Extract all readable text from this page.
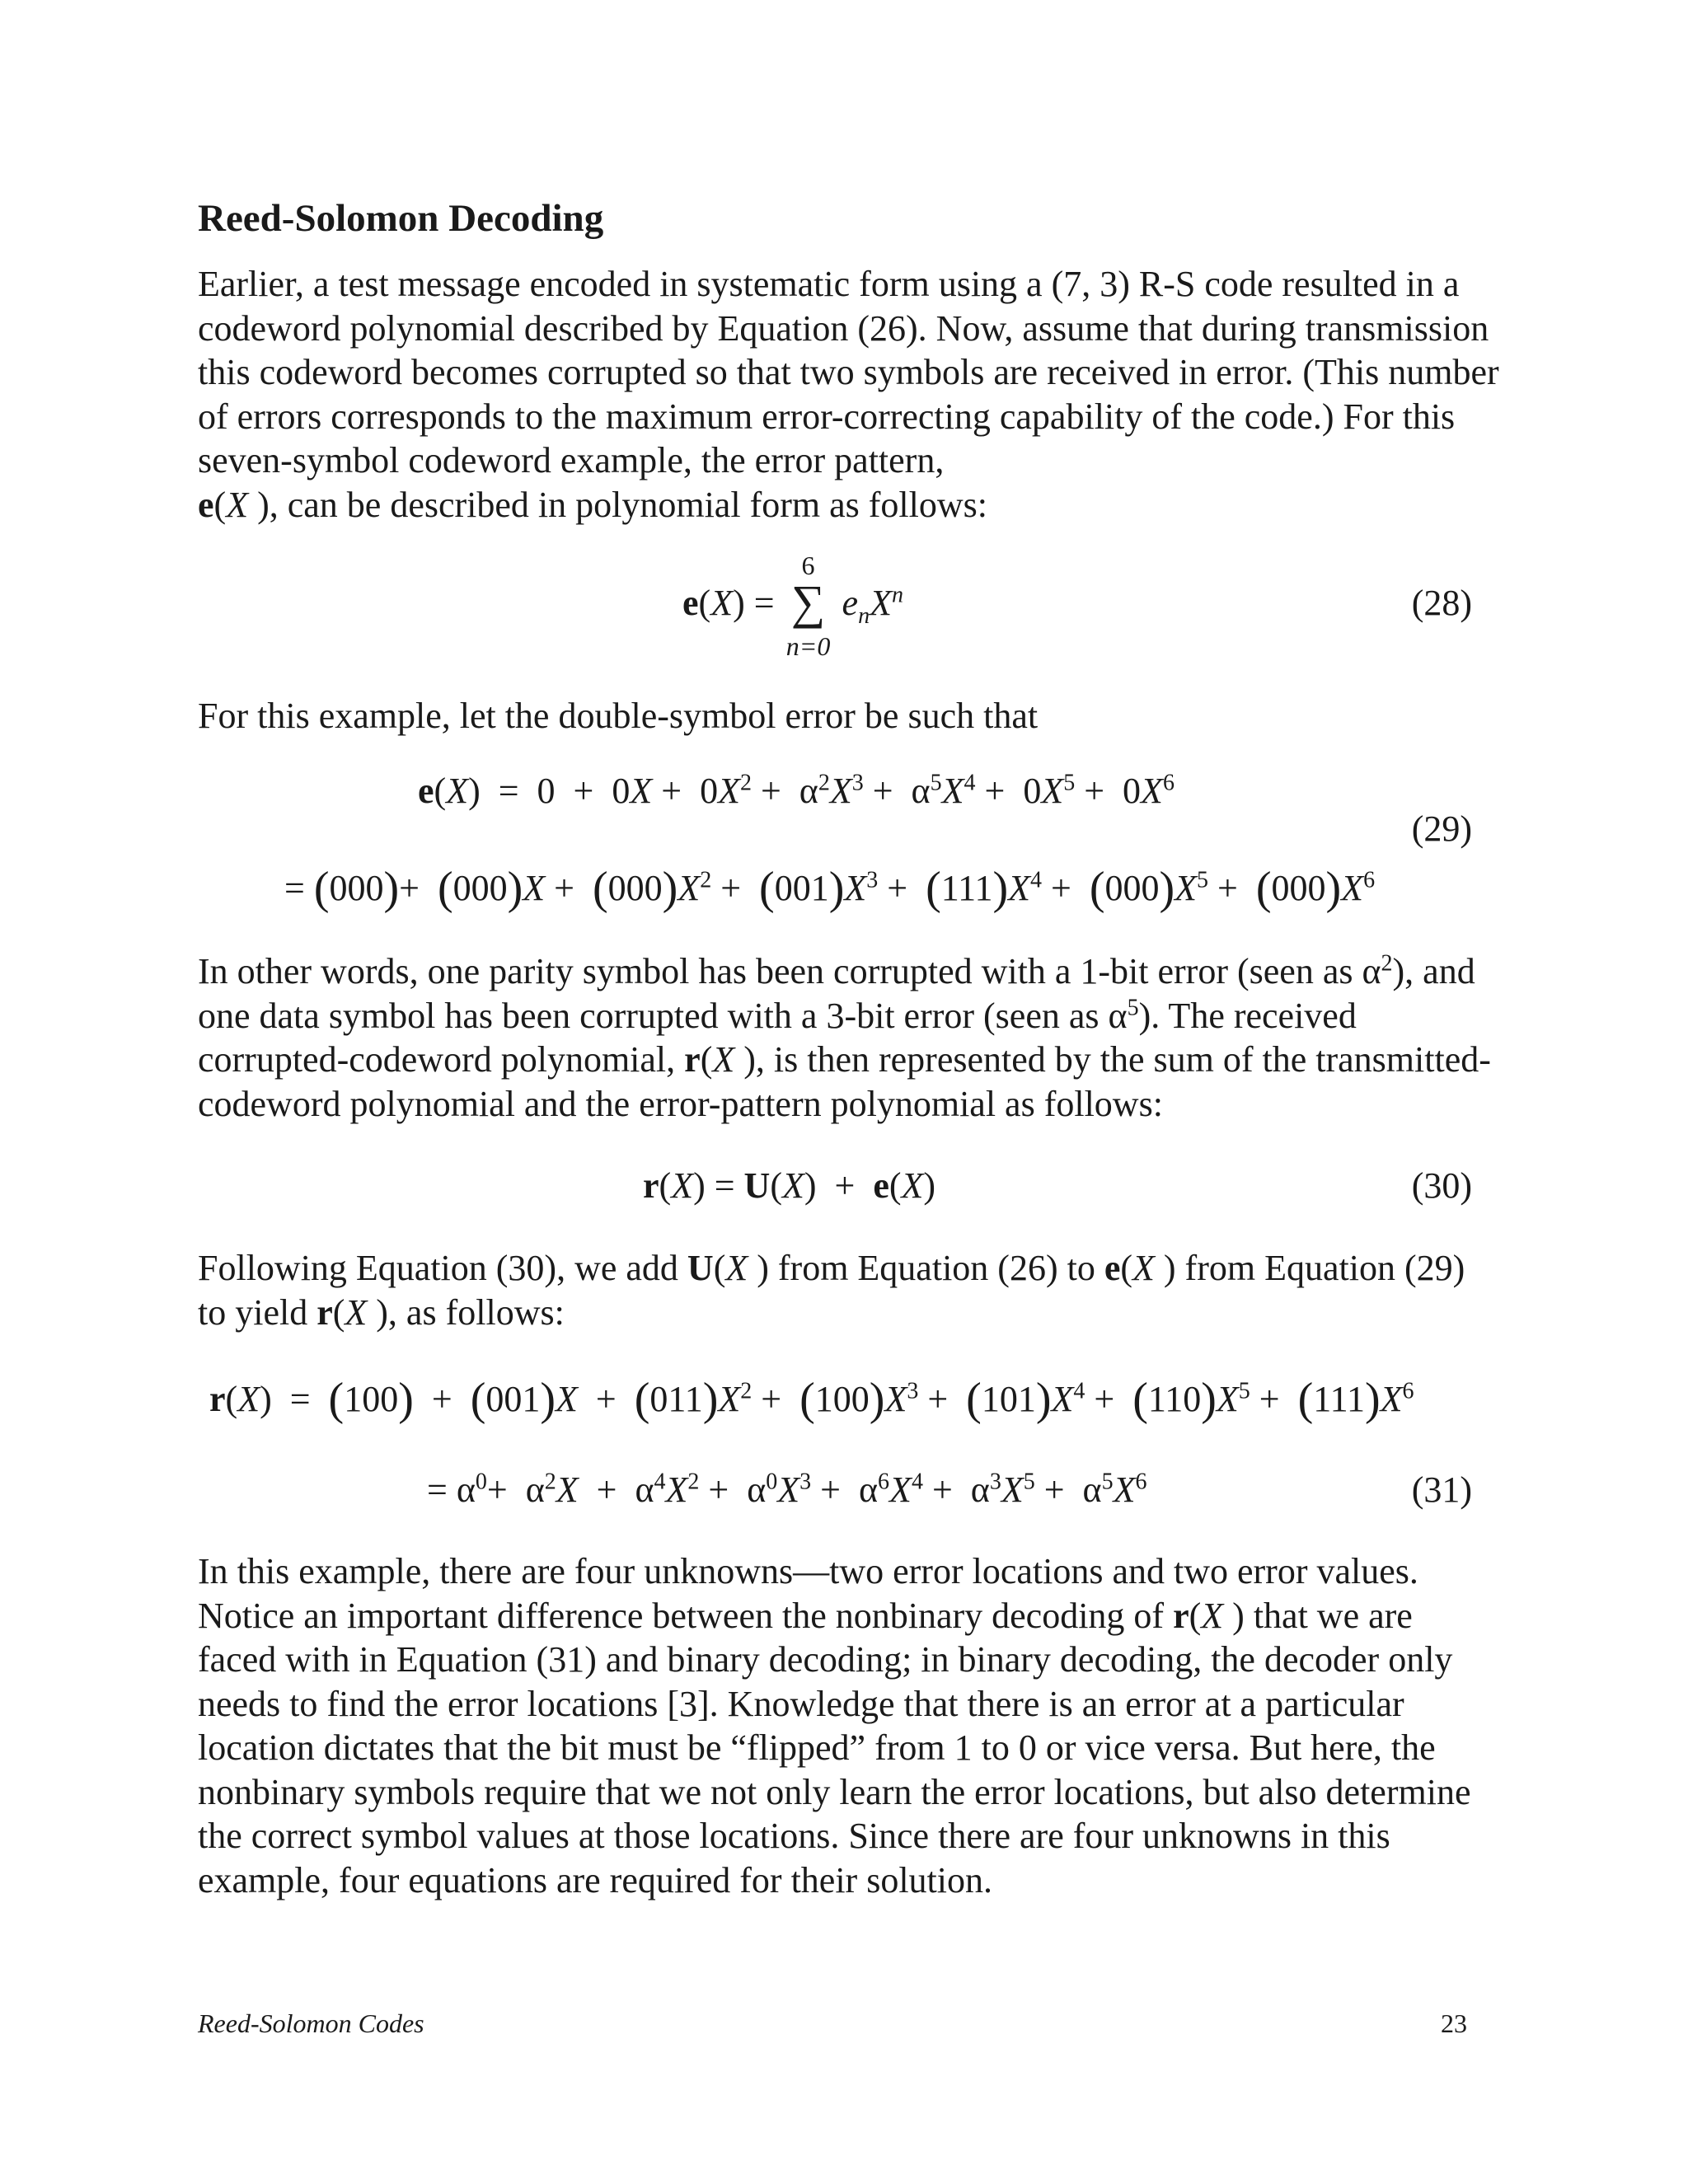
Reed-Solomon Decoding

Earlier, a test message encoded in systematic form using a (7, 3) R-S code resulted in a codeword polynomial described by Equation (26). Now, assume that during transmission this codeword becomes corrupted so that two symbols are received in error. (This number of errors corresponds to the maximum error-correcting capability of the code.) For this seven-symbol codeword example, the error pattern,
e(X ), can be described in polynomial form as follows:

e(X) =
6
∑
n=0
$e_nX^n$	(28)

For this example, let the double-symbol error be such that

$e(X) = 0 + 0X + 0X^2 + \alpha^2X^3 + \alpha^5X^4 + 0X^5 + 0X^6$
(29)
= $(000)+ (000)X + (000)X^2 + (001)X^3 + (111)X^4 + (000)X^5 + (000)X^6$

In other words, one parity symbol has been corrupted with a 1-bit error (seen as $\alpha^2$), and one data symbol has been corrupted with a 3-bit error (seen as $\alpha^5$). The received corrupted-codeword polynomial, r(X ), is then represented by the sum of the transmitted-codeword polynomial and the error-pattern polynomial as follows:

r(X) = U(X)  +  e(X)	(30)

Following Equation (30), we add U(X ) from Equation (26) to e(X ) from Equation (29) to yield r(X ), as follows:

$r(X) = (100) + (001)X + (011)X^2 + (100)X^3 + (101)X^4 + (110)X^5 + (111)X^6$
= $\alpha^0+ \alpha^2X + \alpha^4X^2 + \alpha^0X^3 + \alpha^6X^4 + \alpha^3X^5 + \alpha^5X^6$	(31)

In this example, there are four unknowns—two error locations and two error values. Notice an important difference between the nonbinary decoding of r(X ) that we are faced with in Equation (31) and binary decoding; in binary decoding, the decoder only needs to find the error locations [3]. Knowledge that there is an error at a particular location dictates that the bit must be “flipped” from 1 to 0 or vice versa. But here, the nonbinary symbols require that we not only learn the error locations, but also determine the correct symbol values at those locations. Since there are four unknowns in this example, four equations are required for their solution.

Reed-Solomon Codes	23
